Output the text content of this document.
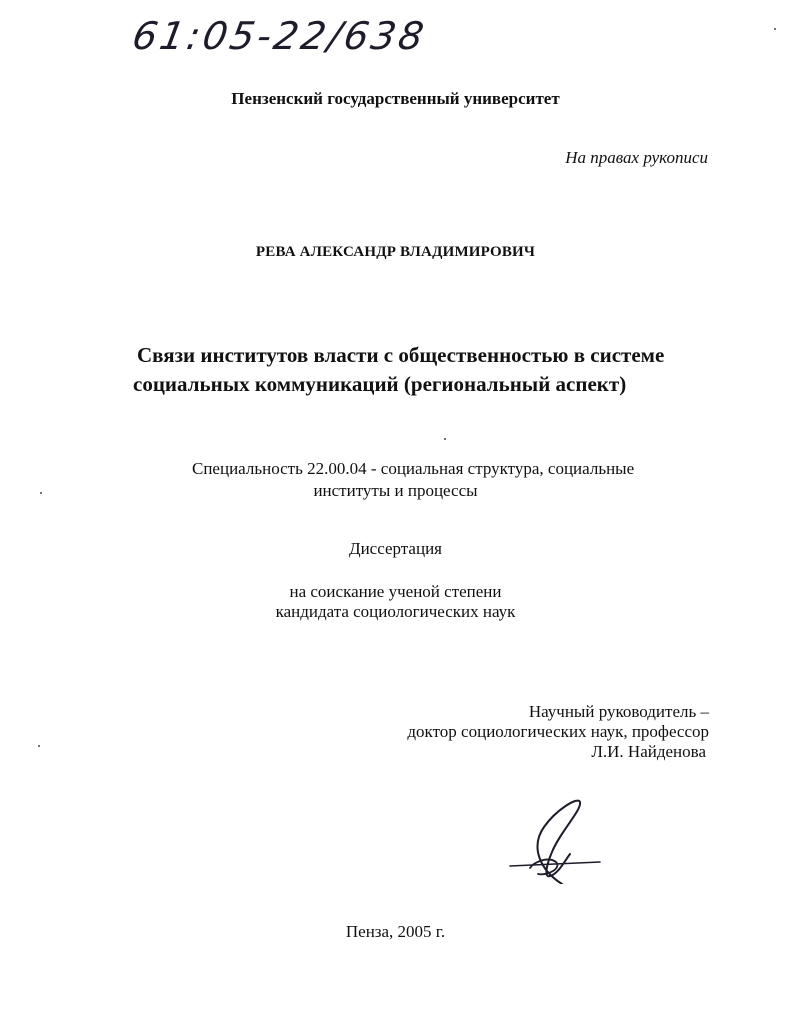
61:05-22/638
Пензенский государственный университет
На правах рукописи
РЕВА АЛЕКСАНДР ВЛАДИМИРОВИЧ
Связи институтов власти с общественностью в системе
социальных коммуникаций (региональный аспект)
Специальность 22.00.04 - социальная структура, социальные
институты и процессы
Диссертация
на соискание ученой степени
кандидата социологических наук
Научный руководитель –
доктор социологических наук, профессор
Л.И. Найденова
Пенза, 2005 г.
